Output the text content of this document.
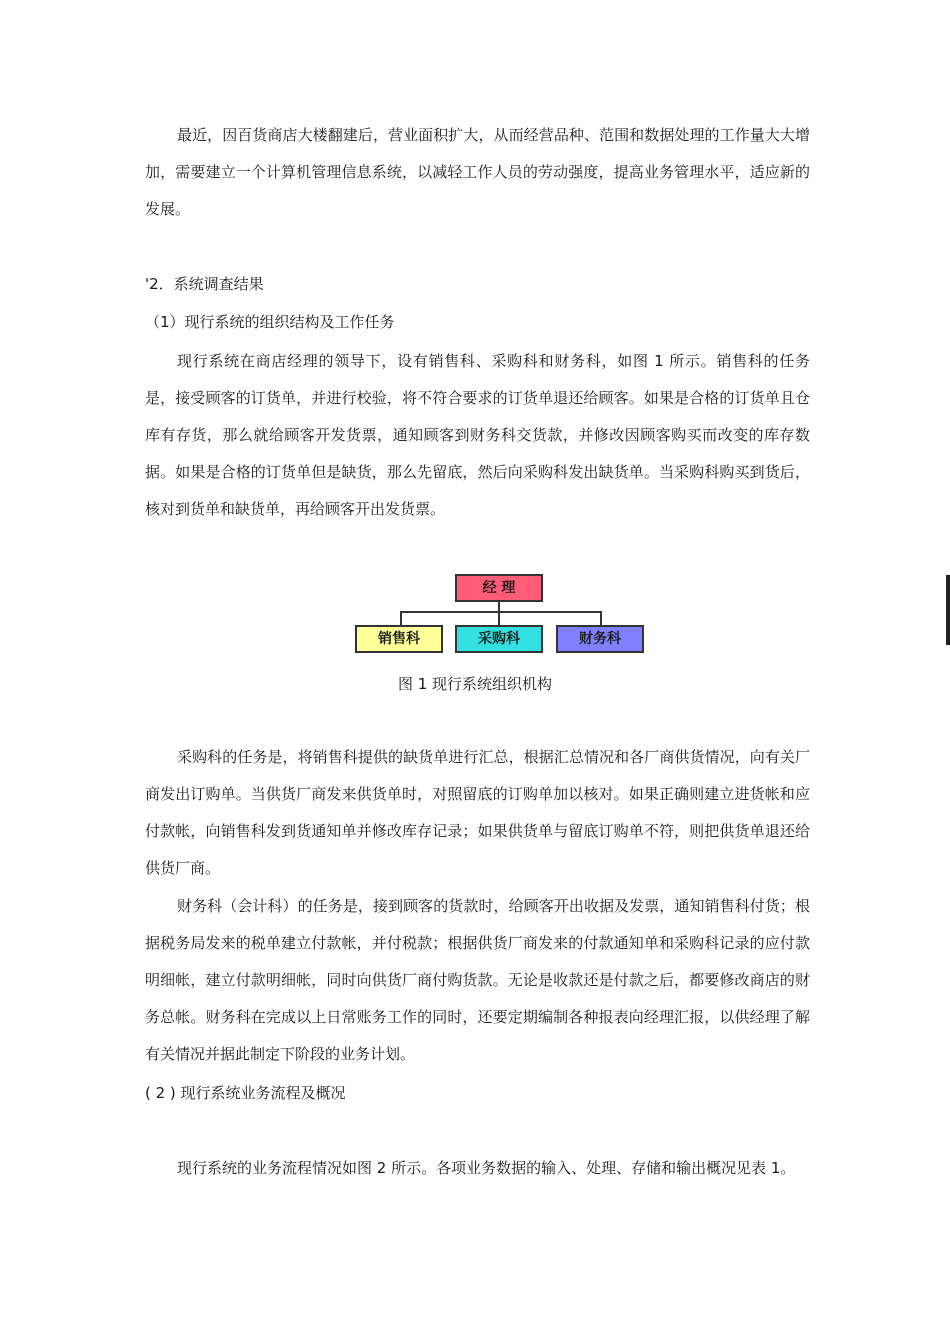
最近，因百货商店大楼翻建后，营业面积扩大，从而经营品种、范围和数据处理的工作量大大增加，需要建立一个计算机管理信息系统，以减轻工作人员的劳动强度，提高业务管理水平，适应新的发展。

'2．系统调查结果

（1）现行系统的组织结构及工作任务

现行系统在商店经理的领导下，设有销售科、采购科和财务科，如图 1 所示。销售科的任务是，接受顾客的订货单，并进行校验，将不符合要求的订货单退还给顾客。如果是合格的订货单且仓库有存货，那么就给顾客开发货票，通知顾客到财务科交货款，并修改因顾客购买而改变的库存数据。如果是合格的订货单但是缺货，那么先留底，然后向采购科发出缺货单。当采购科购买到货后，核对到货单和缺货单，再给顾客开出发货票。

经 理
销售科	采购科	财务科

图 1 现行系统组织机构

采购科的任务是，将销售科提供的缺货单进行汇总，根据汇总情况和各厂商供货情况，向有关厂商发出订购单。当供货厂商发来供货单时，对照留底的订购单加以核对。如果正确则建立进货帐和应付款帐，向销售科发到货通知单并修改库存记录；如果供货单与留底订购单不符，则把供货单退还给供货厂商。

财务科（会计科）的任务是，接到顾客的货款时，给顾客开出收据及发票，通知销售科付货；根据税务局发来的税单建立付款帐，并付税款；根据供货厂商发来的付款通知单和采购科记录的应付款明细帐，建立付款明细帐，同时向供货厂商付购货款。无论是收款还是付款之后，都要修改商店的财务总帐。财务科在完成以上日常账务工作的同时，还要定期编制各种报表向经理汇报，以供经理了解有关情况并据此制定下阶段的业务计划。

( 2 ) 现行系统业务流程及概况

现行系统的业务流程情况如图 2 所示。各项业务数据的输入、处理、存储和输出概况见表 1。
